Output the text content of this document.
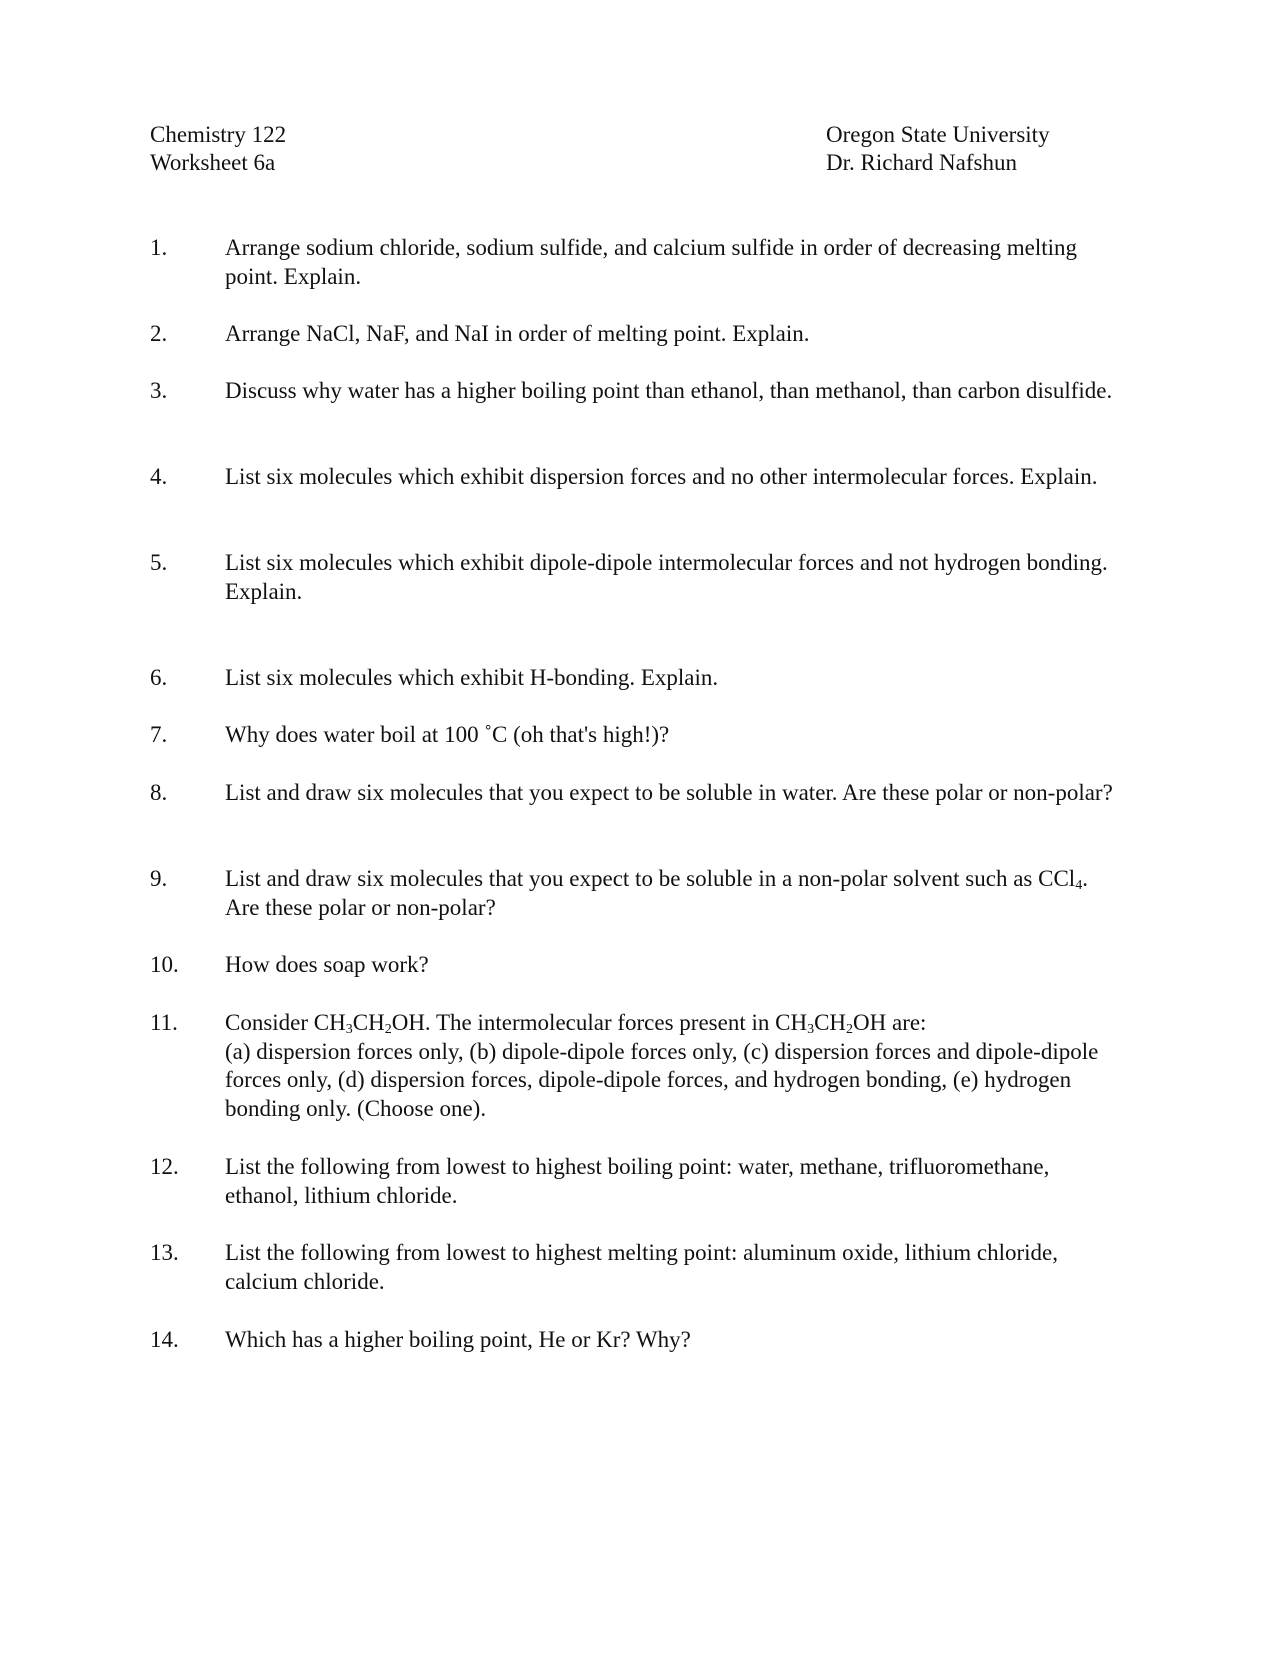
Chemistry 122
Worksheet 6a
Oregon State University
Dr. Richard Nafshun
1.	Arrange sodium chloride, sodium sulfide, and calcium sulfide in order of decreasing melting point. Explain.
2.	Arrange NaCl, NaF, and NaI in order of melting point. Explain.
3.	Discuss why water has a higher boiling point than ethanol, than methanol, than carbon disulfide.
4.	List six molecules which exhibit dispersion forces and no other intermolecular forces. Explain.
5.	List six molecules which exhibit dipole-dipole intermolecular forces and not hydrogen bonding. Explain.
6.	List six molecules which exhibit H-bonding. Explain.
7.	Why does water boil at 100 ˚C (oh that's high!)?
8.	List and draw six molecules that you expect to be soluble in water. Are these polar or non-polar?
9.	List and draw six molecules that you expect to be soluble in a non-polar solvent such as CCl$_4$. Are these polar or non-polar?
10.	How does soap work?
11.	Consider $CH_3CH_2OH$. The intermolecular forces present in $CH_3CH_2OH$ are:
(a) dispersion forces only, (b) dipole-dipole forces only, (c) dispersion forces and dipole-dipole forces only, (d) dispersion forces, dipole-dipole forces, and hydrogen bonding, (e) hydrogen bonding only. (Choose one).
12.	List the following from lowest to highest boiling point: water, methane, trifluoromethane, ethanol, lithium chloride.
13.	List the following from lowest to highest melting point: aluminum oxide, lithium chloride, calcium chloride.
14.	Which has a higher boiling point, He or Kr? Why?
